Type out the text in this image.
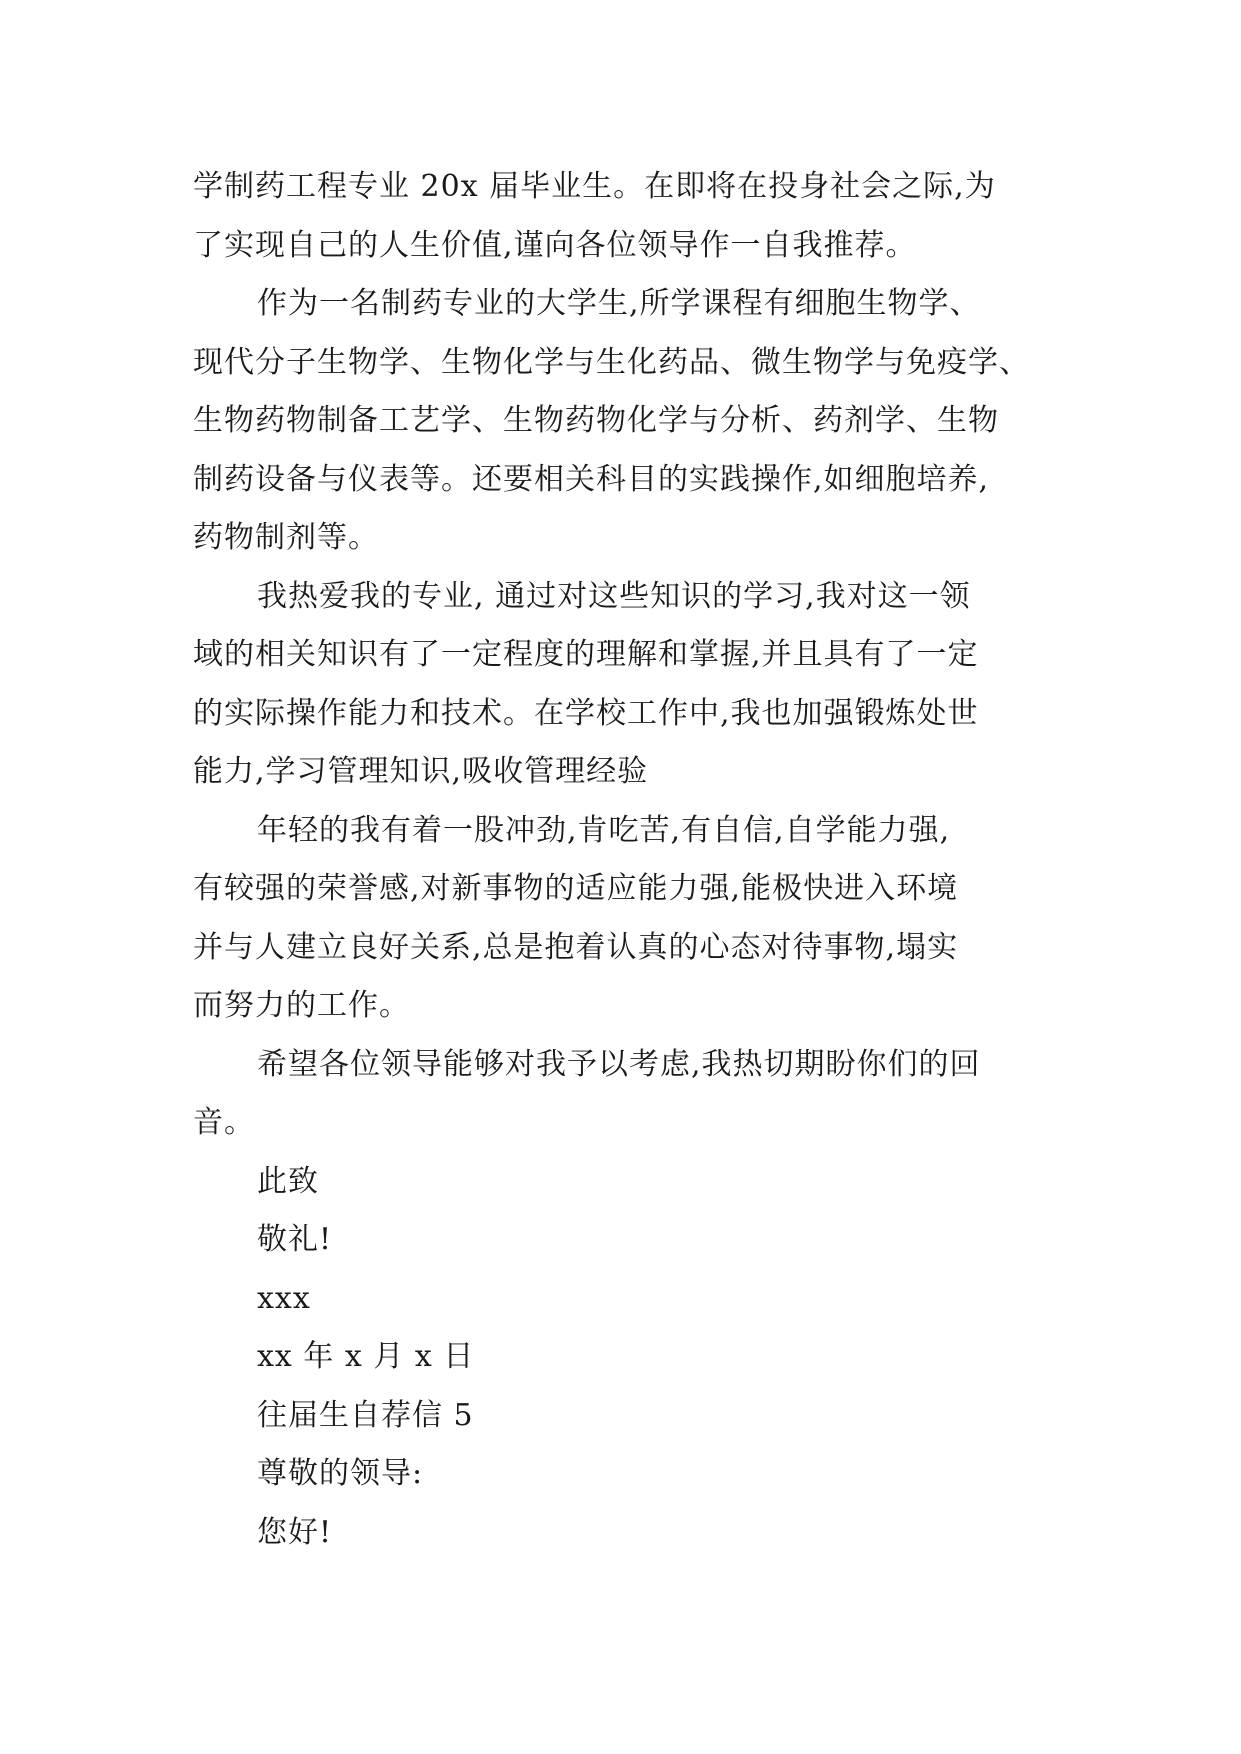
学制药工程专业 20x 届毕业生。在即将在投身社会之际,为
了实现自己的人生价值,谨向各位领导作一自我推荐。
作为一名制药专业的大学生,所学课程有细胞生物学、
现代分子生物学、生物化学与生化药品、微生物学与免疫学、
生物药物制备工艺学、生物药物化学与分析、药剂学、生物
制药设备与仪表等。还要相关科目的实践操作,如细胞培养,
药物制剂等。
我热爱我的专业, 通过对这些知识的学习,我对这一领
域的相关知识有了一定程度的理解和掌握,并且具有了一定
的实际操作能力和技术。在学校工作中,我也加强锻炼处世
能力,学习管理知识,吸收管理经验
年轻的我有着一股冲劲,肯吃苦,有自信,自学能力强,
有较强的荣誉感,对新事物的适应能力强,能极快进入环境
并与人建立良好关系,总是抱着认真的心态对待事物,塌实
而努力的工作。
希望各位领导能够对我予以考虑,我热切期盼你们的回
音。
此致
敬礼!
xxx
xx 年 x 月 x 日
往届生自荐信 5
尊敬的领导:
您好!
